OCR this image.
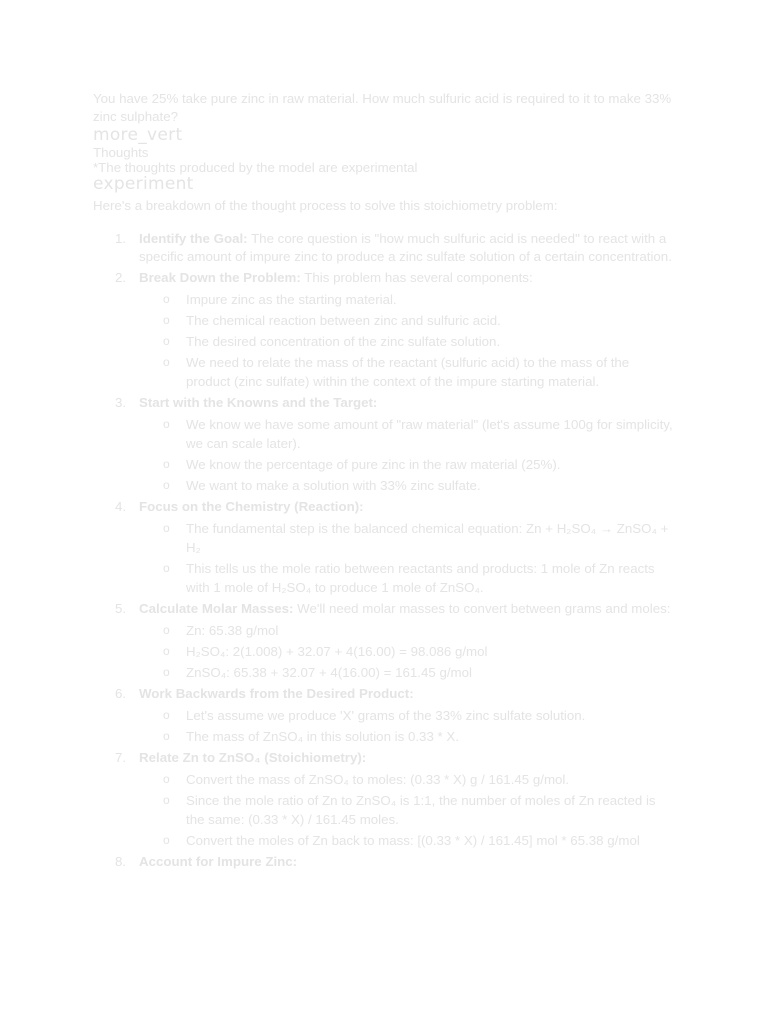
You have 25% take pure zinc in raw material. How much sulfuric acid is required to it to make 33% zinc sulphate?

more_vert

Thoughts

*The thoughts produced by the model are experimental

experiment

Here's a breakdown of the thought process to solve this stoichiometry problem:

1. Identify the Goal: The core question is "how much sulfuric acid is needed" to react with a specific amount of impure zinc to produce a zinc sulfate solution of a certain concentration.
2. Break Down the Problem: This problem has several components:
o Impure zinc as the starting material.
o The chemical reaction between zinc and sulfuric acid.
o The desired concentration of the zinc sulfate solution.
o We need to relate the mass of the reactant (sulfuric acid) to the mass of the product (zinc sulfate) within the context of the impure starting material.
3. Start with the Knowns and the Target:
o We know we have some amount of "raw material" (let's assume 100g for simplicity, we can scale later).
o We know the percentage of pure zinc in the raw material (25%).
o We want to make a solution with 33% zinc sulfate.
4. Focus on the Chemistry (Reaction):
o The fundamental step is the balanced chemical equation: Zn + H₂SO₄ → ZnSO₄ + H₂
o This tells us the mole ratio between reactants and products: 1 mole of Zn reacts with 1 mole of H₂SO₄ to produce 1 mole of ZnSO₄.
5. Calculate Molar Masses: We'll need molar masses to convert between grams and moles:
o Zn: 65.38 g/mol
o H₂SO₄: 2(1.008) + 32.07 + 4(16.00) = 98.086 g/mol
o ZnSO₄: 65.38 + 32.07 + 4(16.00) = 161.45 g/mol
6. Work Backwards from the Desired Product:
o Let's assume we produce 'X' grams of the 33% zinc sulfate solution.
o The mass of ZnSO₄ in this solution is 0.33 * X.
7. Relate Zn to ZnSO₄ (Stoichiometry):
o Convert the mass of ZnSO₄ to moles: (0.33 * X) g / 161.45 g/mol.
o Since the mole ratio of Zn to ZnSO₄ is 1:1, the number of moles of Zn reacted is the same: (0.33 * X) / 161.45 moles.
o Convert the moles of Zn back to mass: [(0.33 * X) / 161.45] mol * 65.38 g/mol
8. Account for Impure Zinc:
